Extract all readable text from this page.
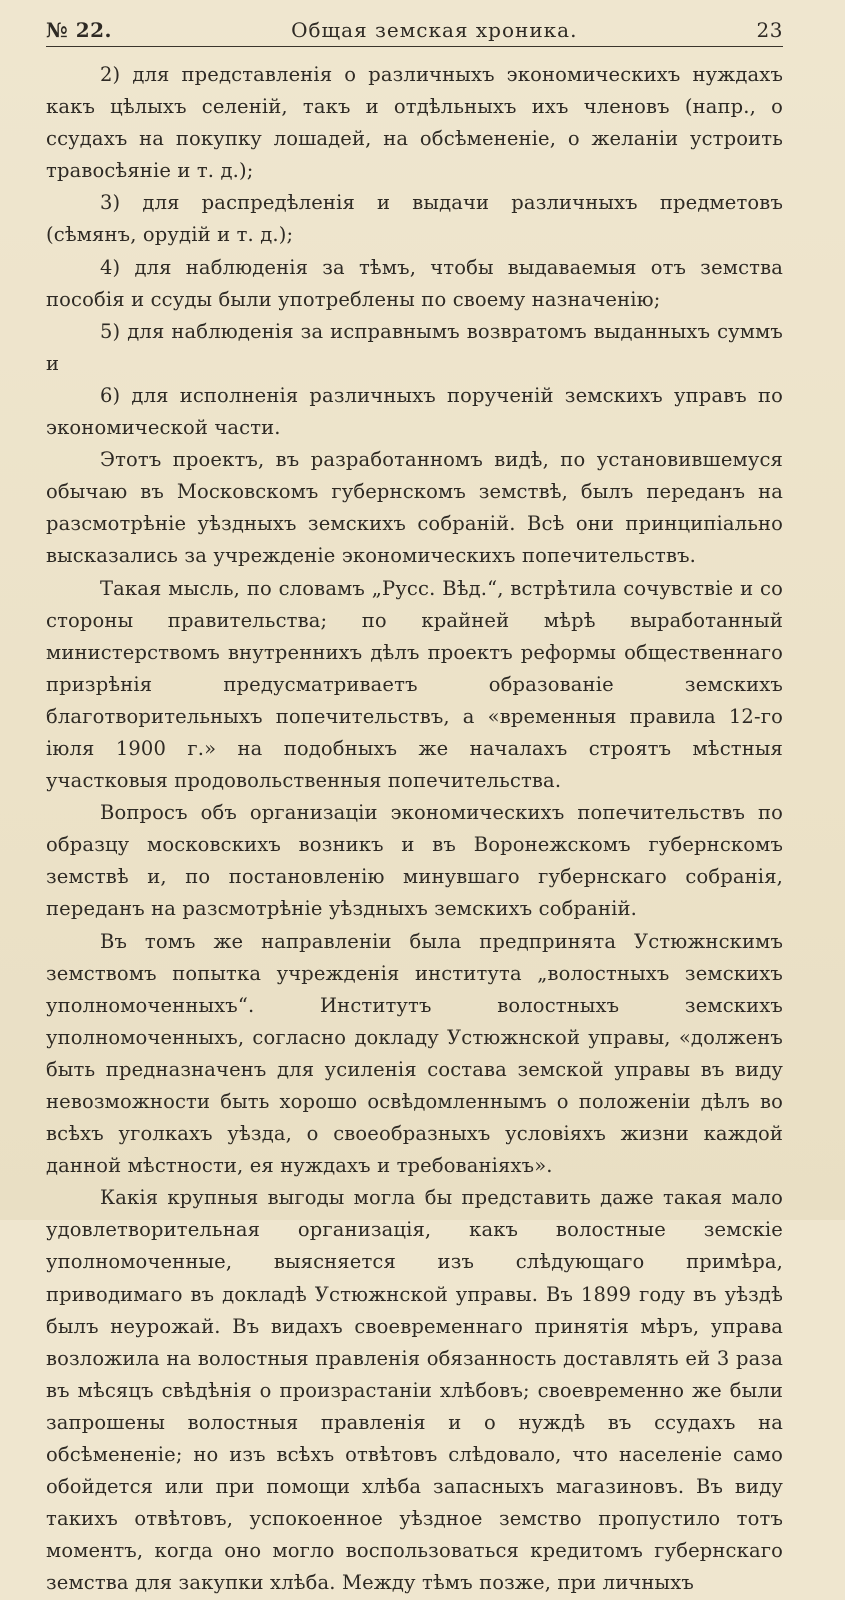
№ 22.	Общая земская хроника.	23

2) для представленія о различныхъ экономическихъ нуждахъ какъ цѣлыхъ селеній, такъ и отдѣльныхъ ихъ членовъ (напр., о ссудахъ на покупку лошадей, на обсѣмененіе, о желаніи устроить травосѣяніе и т. д.);

3) для распредѣленія и выдачи различныхъ предметовъ (сѣмянъ, орудій и т. д.);

4) для наблюденія за тѣмъ, чтобы выдаваемыя отъ земства пособія и ссуды были употреблены по своему назначенію;

5) для наблюденія за исправнымъ возвратомъ выданныхъ суммъ и

6) для исполненія различныхъ порученій земскихъ управъ по экономической части.

Этотъ проектъ, въ разработанномъ видѣ, по установившемуся обычаю въ Московскомъ губернскомъ земствѣ, былъ переданъ на разсмотрѣніе уѣздныхъ земскихъ собраній. Всѣ они принципіально высказались за учрежденіе экономическихъ попечительствъ.

Такая мысль, по словамъ „Русс. Вѣд.“, встрѣтила сочувствіе и со стороны правительства; по крайней мѣрѣ выработанный министерствомъ внутреннихъ дѣлъ проектъ реформы общественнаго призрѣнія предусматриваетъ образованіе земскихъ благотворительныхъ попечительствъ, а «временныя правила 12-го іюля 1900 г.» на подобныхъ же началахъ строятъ мѣстныя участковыя продовольственныя попечительства.

Вопросъ объ организаціи экономическихъ попечительствъ по образцу московскихъ возникъ и въ Воронежскомъ губернскомъ земствѣ и, по постановленію минувшаго губернскаго собранія, переданъ на разсмотрѣніе уѣздныхъ земскихъ собраній.

Въ томъ же направленіи была предпринята Устюжнскимъ земствомъ попытка учрежденія института „волостныхъ земскихъ уполномоченныхъ“. Институтъ волостныхъ земскихъ уполномоченныхъ, согласно докладу Устюжнской управы, «долженъ быть предназначенъ для усиленія состава земской управы въ виду невозможности быть хорошо освѣдомленнымъ о положеніи дѣлъ во всѣхъ уголкахъ уѣзда, о своеобразныхъ условіяхъ жизни каждой данной мѣстности, ея нуждахъ и требованіяхъ».

Какія крупныя выгоды могла бы представить даже такая мало удовлетворительная организація, какъ волостные земскіе уполномоченные, выясняется изъ слѣдующаго примѣра, приводимаго въ докладѣ Устюжнской управы. Въ 1899 году въ уѣздѣ былъ неурожай. Въ видахъ своевременнаго принятія мѣръ, управа возложила на волостныя правленія обязанность доставлять ей 3 раза въ мѣсяцъ свѣдѣнія о произрастаніи хлѣбовъ; своевременно же были запрошены волостныя правленія и о нуждѣ въ ссудахъ на обсѣмененіе; но изъ всѣхъ отвѣтовъ слѣдовало, что населеніе само обойдется или при помощи хлѣба запасныхъ магазиновъ. Въ виду такихъ отвѣтовъ, успокоенное уѣздное земство пропустило тотъ моментъ, когда оно могло воспользоваться кредитомъ губернскаго земства для закупки хлѣба. Между тѣмъ позже, при личныхъ
